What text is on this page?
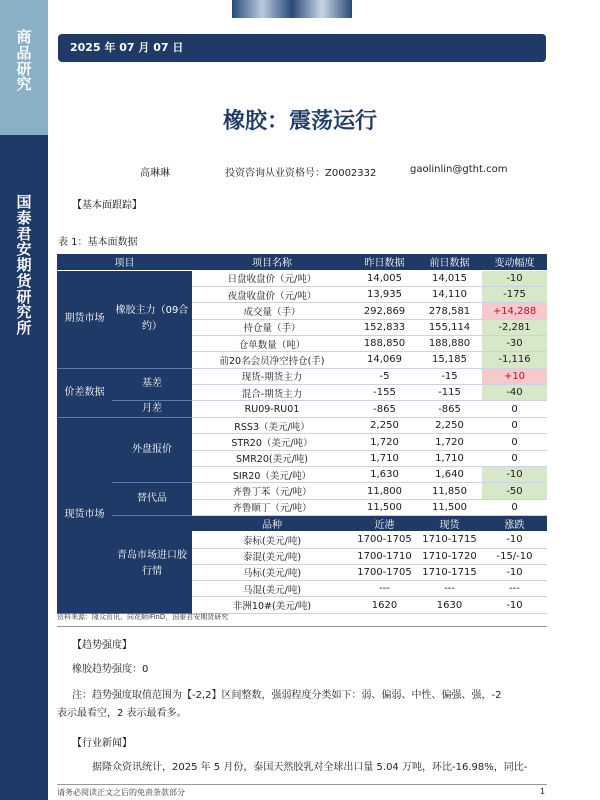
商
品
研
究
国
泰
君
安
期
货
研
究
所
2025 年 07 月 07 日
橡胶：震荡运行
高琳琳	投资咨询从业资格号：Z0002332	gaolinlin@gtht.com
【基本面跟踪】
表 1：基本面数据
项目		项目名称	昨日数据	前日数据	变动幅度
期货市场	橡胶主力（09合约）	日盘收盘价（元/吨）	14,005	14,015	-10
		夜盘收盘价（元/吨）	13,935	14,110	-175
		成交量（手）	292,869	278,581	+14,288
		持仓量（手）	152,833	155,114	-2,281
		仓单数量（吨）	188,850	188,880	-30
		前20名会员净空持仓(手)	14,069	15,185	-1,116
价差数据	基差	现货-期货主力	-5	-15	+10
		混合-期货主力	-155	-115	-40
	月差	RU09-RU01	-865	-865	0
现货市场	外盘报价	RSS3（美元/吨）	2,250	2,250	0
		STR20（美元/吨）	1,720	1,720	0
		SMR20(美元/吨)	1,710	1,710	0
		SIR20（美元/吨）	1,630	1,640	-10
	替代品	齐鲁丁苯（元/吨）	11,800	11,850	-50
		齐鲁顺丁（元/吨）	11,500	11,500	0
	青岛市场进口胶行情	品种	近港	现货	涨跌
		泰标(美元/吨)	1700-1705	1710-1715	-10
		泰混(美元/吨)	1700-1710	1710-1720	-15/-10
		马标(美元/吨)	1700-1705	1710-1715	-10
		马混(美元/吨)	---	---	---
		非洲10#(美元/吨)	1620	1630	-10
资料来源：隆众资讯、同花顺iFinD，国泰君安期货研究
【趋势强度】
橡胶趋势强度：0
注：趋势强度取值范围为【-2,2】区间整数，强弱程度分类如下：弱、偏弱、中性、偏强、强，-2
表示最看空，2 表示最看多。
【行业新闻】
据隆众资讯统计，2025 年 5 月份，泰国天然胶乳对全球出口量 5.04 万吨，环比-16.98%，同比-
请务必阅读正文之后的免责条款部分	1
